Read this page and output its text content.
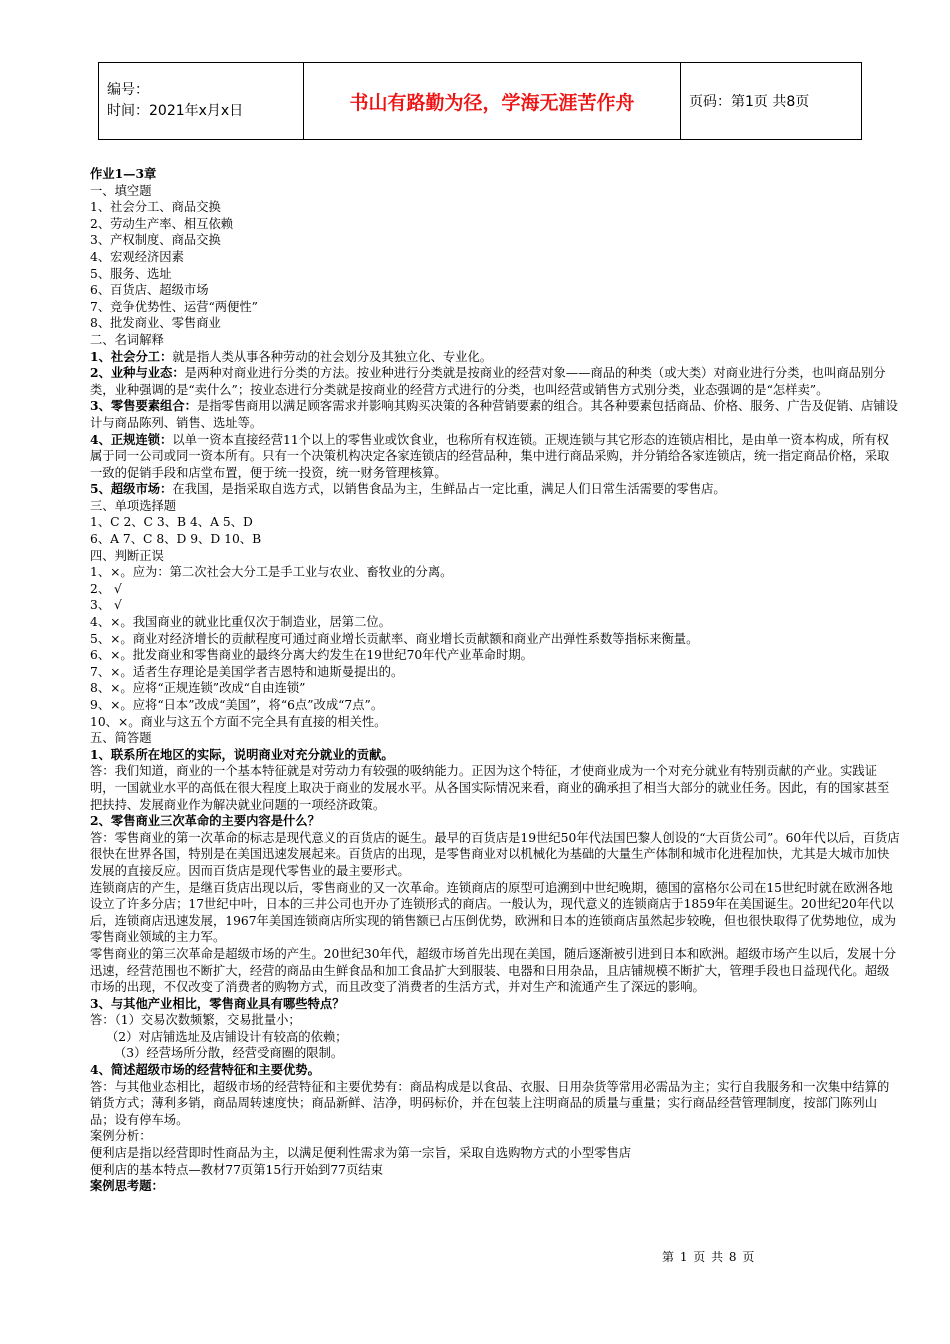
编号：
时间：2021年x月x日	书山有路勤为径，学海无涯苦作舟	页码：第1页 共8页

作业1—3章

一、填空题

1、社会分工、商品交换

2、劳动生产率、相互依赖

3、产权制度、商品交换

4、宏观经济因素

5、服务、选址

6、百货店、超级市场

7、竞争优势性、运营“两便性”

8、批发商业、零售商业

二、名词解释

1、社会分工：就是指人类从事各种劳动的社会划分及其独立化、专业化。

2、业种与业态：是两种对商业进行分类的方法。按业种进行分类就是按商业的经营对象——商品的种类（或大类）对商业进行分类，也叫商品别分类，业种强调的是“卖什么”；按业态进行分类就是按商业的经营方式进行的分类，也叫经营或销售方式别分类，业态强调的是“怎样卖”。

3、零售要素组合：是指零售商用以满足顾客需求并影响其购买决策的各种营销要素的组合。其各种要素包括商品、价格、服务、广告及促销、店铺设计与商品陈列、销售、选址等。

4、正规连锁：以单一资本直接经营11个以上的零售业或饮食业，也称所有权连锁。正规连锁与其它形态的连锁店相比，是由单一资本构成，所有权属于同一公司或同一资本所有。只有一个决策机构决定各家连锁店的经营品种，集中进行商品采购，并分销给各家连锁店，统一指定商品价格，采取一致的促销手段和店堂布置，便于统一投资，统一财务管理核算。

5、超级市场：在我国，是指采取自选方式，以销售食品为主，生鲜品占一定比重，满足人们日常生活需要的零售店。

三、单项选择题

1、C 2、C 3、B 4、A 5、D

6、A 7、C 8、D 9、D 10、B

四、判断正误

1、×。应为：第二次社会大分工是手工业与农业、畜牧业的分离。

2、 √

3、 √

4、×。我国商业的就业比重仅次于制造业，居第二位。

5、×。商业对经济增长的贡献程度可通过商业增长贡献率、商业增长贡献额和商业产出弹性系数等指标来衡量。

6、×。批发商业和零售商业的最终分离大约发生在19世纪70年代产业革命时期。

7、×。适者生存理论是美国学者吉恩特和迪斯曼提出的。

8、×。应将“正规连锁”改成“自由连锁”

9、×。应将“日本”改成“美国”，将“6点”改成“7点”。

10、×。商业与这五个方面不完全具有直接的相关性。

五、简答题

1、联系所在地区的实际，说明商业对充分就业的贡献。

答：我们知道，商业的一个基本特征就是对劳动力有较强的吸纳能力。正因为这个特征，才使商业成为一个对充分就业有特别贡献的产业。实践证明，一国就业水平的高低在很大程度上取决于商业的发展水平。从各国实际情况来看，商业的确承担了相当大部分的就业任务。因此，有的国家甚至把扶持、发展商业作为解决就业问题的一项经济政策。

2、零售商业三次革命的主要内容是什么？

答：零售商业的第一次革命的标志是现代意义的百货店的诞生。最早的百货店是19世纪50年代法国巴黎人创设的“大百货公司”。60年代以后，百货店很快在世界各国，特别是在美国迅速发展起来。百货店的出现，是零售商业对以机械化为基础的大量生产体制和城市化进程加快，尤其是大城市加快发展的直接反应。因而百货店是现代零售业的最主要形式。

连锁商店的产生，是继百货店出现以后，零售商业的又一次革命。连锁商店的原型可追溯到中世纪晚期，德国的富格尔公司在15世纪时就在欧洲各地设立了许多分店；17世纪中叶，日本的三井公司也开办了连锁形式的商店。一般认为，现代意义的连锁商店于1859年在美国诞生。20世纪20年代以后，连锁商店迅速发展，1967年美国连锁商店所实现的销售额已占压倒优势，欧洲和日本的连锁商店虽然起步较晚，但也很快取得了优势地位，成为零售商业领域的主力军。

零售商业的第三次革命是超级市场的产生。20世纪30年代，超级市场首先出现在美国，随后逐渐被引进到日本和欧洲。超级市场产生以后，发展十分迅速，经营范围也不断扩大，经营的商品由生鲜食品和加工食品扩大到服装、电器和日用杂品，且店铺规模不断扩大，管理手段也日益现代化。超级市场的出现，不仅改变了消费者的购物方式，而且改变了消费者的生活方式，并对生产和流通产生了深远的影响。

3、与其他产业相比，零售商业具有哪些特点？

答：（1）交易次数频繁，交易批量小；

（2）对店铺选址及店铺设计有较高的依赖；

（3）经营场所分散，经营受商圈的限制。

4、简述超级市场的经营特征和主要优势。

答：与其他业态相比，超级市场的经营特征和主要优势有：商品构成是以食品、衣服、日用杂货等常用必需品为主；实行自我服务和一次集中结算的销货方式；薄利多销，商品周转速度快；商品新鲜、洁净，明码标价，并在包装上注明商品的质量与重量；实行商品经营管理制度，按部门陈列山品；设有停车场。

案例分析：

便利店是指以经营即时性商品为主，以满足便利性需求为第一宗旨，采取自选购物方式的小型零售店

便利店的基本特点—教材77页第15行开始到77页结束

案例思考题：

第 1 页 共 8 页
